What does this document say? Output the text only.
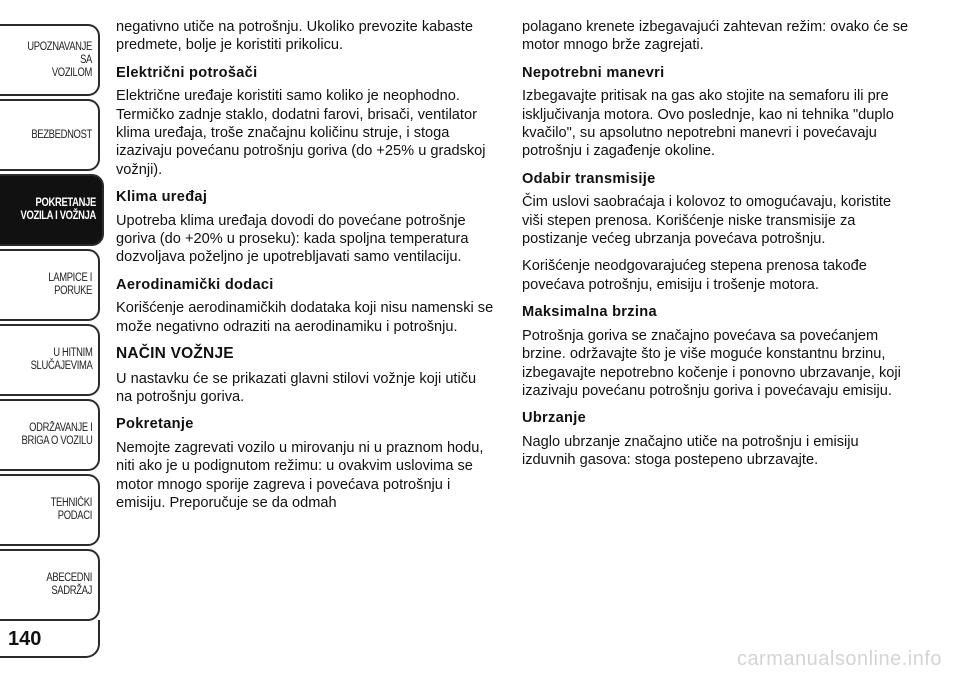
UPOZNAVANJE SA
VOZILOM
BEZBEDNOST
POKRETANJE
VOZILA I VOŽNJA
LAMPICE I PORUKE
U HITNIM
SLUČAJEVIMA
ODRŽAVANJE I
BRIGA O VOZILU
TEHNIČKI PODACI
ABECEDNI SADRŽAJ
140

negativno utiče na potrošnju. Ukoliko prevozite kabaste predmete, bolje je koristiti prikolicu.

Električni potrošači

Električne uređaje koristiti samo koliko je neophodno. Termičko zadnje staklo, dodatni farovi, brisači, ventilator klima uređaja, troše značajnu količinu struje, i stoga izazivaju povećanu potrošnju goriva (do +25% u gradskoj vožnji).

Klima uređaj

Upotreba klima uređaja dovodi do povećane potrošnje goriva (do +20% u proseku): kada spoljna temperatura dozvoljava poželjno je upotrebljavati samo ventilaciju.

Aerodinamički dodaci

Korišćenje aerodinamičkih dodataka koji nisu namenski se može negativno odraziti na aerodinamiku i potrošnju.

NAČIN VOŽNJE

U nastavku će se prikazati glavni stilovi vožnje koji utiču na potrošnju goriva.

Pokretanje

Nemojte zagrevati vozilo u mirovanju ni u praznom hodu, niti ako je u podignutom režimu: u ovakvim uslovima se motor mnogo sporije zagreva i povećava potrošnju i emisiju. Preporučuje se da odmah

polagano krenete izbegavajući zahtevan režim: ovako će se motor mnogo brže zagrejati.

Nepotrebni manevri

Izbegavajte pritisak na gas ako stojite na semaforu ili pre isključivanja motora. Ovo poslednje, kao ni tehnika "duplo kvačilo", su apsolutno nepotrebni manevri i povećavaju potrošnju i zagađenje okoline.

Odabir transmisije

Čim uslovi saobraćaja i kolovoz to omogućavaju, koristite viši stepen prenosa. Korišćenje niske transmisije za postizanje većeg ubrzanja povećava potrošnju.

Korišćenje neodgovarajućeg stepena prenosa takođe povećava potrošnju, emisiju i trošenje motora.

Maksimalna brzina

Potrošnja goriva se značajno povećava sa povećanjem brzine. održavajte što je više moguće konstantnu brzinu, izbegavajte nepotrebno kočenje i ponovno ubrzavanje, koji izazivaju povećanu potrošnju goriva i povećavaju emisiju.

Ubrzanje

Naglo ubrzanje značajno utiče na potrošnju i emisiju izduvnih gasova: stoga postepeno ubrzavajte.

carmanualsonline.info
